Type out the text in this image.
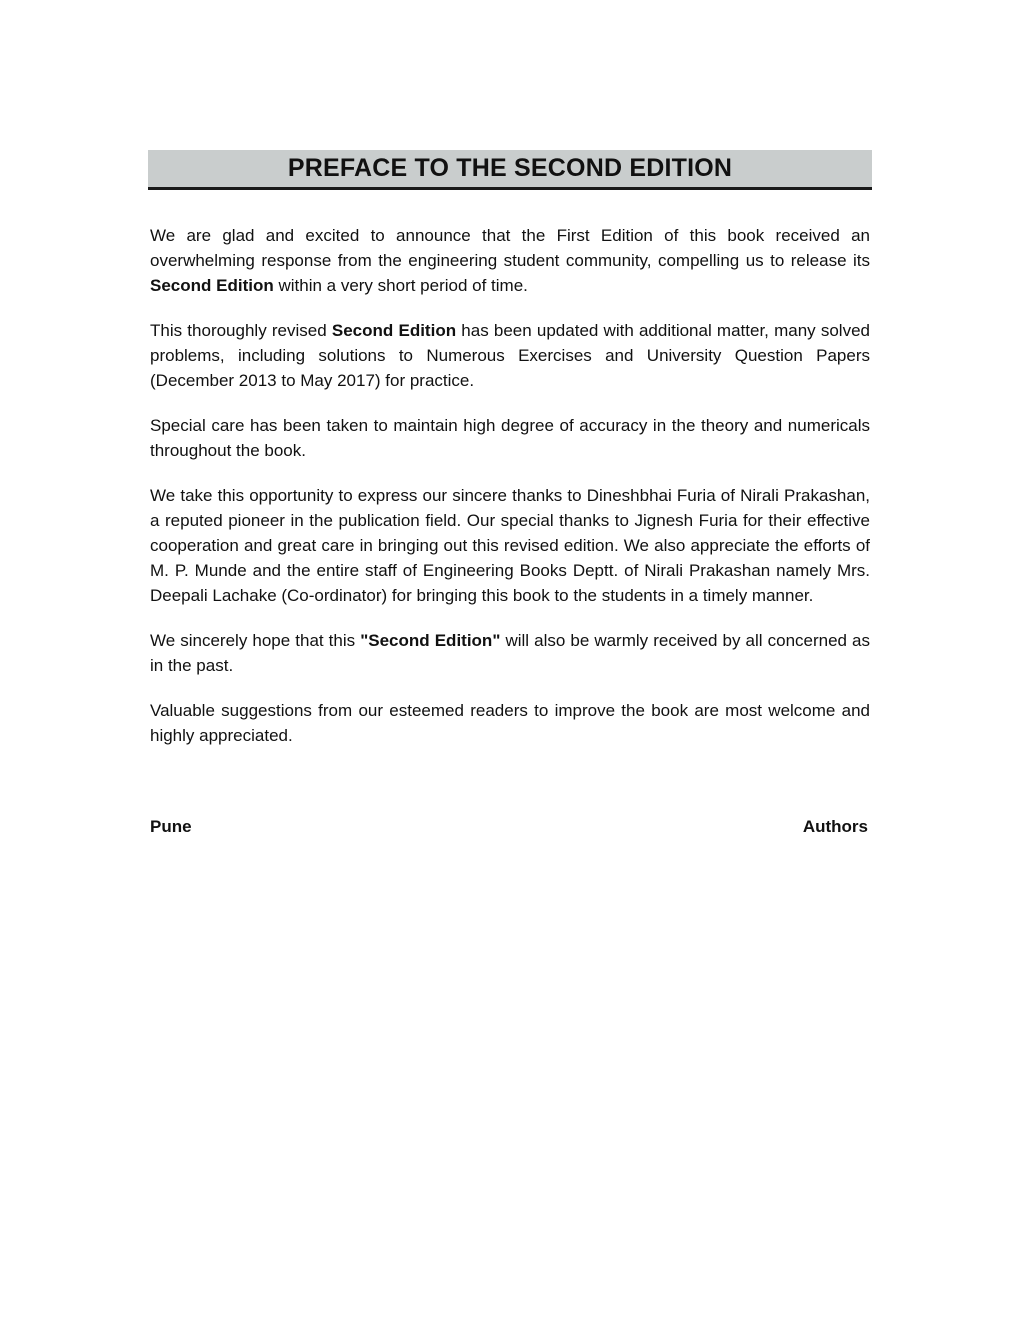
PREFACE TO THE SECOND EDITION

We are glad and excited to announce that the First Edition of this book received an overwhelming response from the engineering student community, compelling us to release its Second Edition within a very short period of time.

This thoroughly revised Second Edition has been updated with additional matter, many solved problems, including solutions to Numerous Exercises and University Question Papers (December 2013 to May 2017) for practice.

Special care has been taken to maintain high degree of accuracy in the theory and numericals throughout the book.

We take this opportunity to express our sincere thanks to Dineshbhai Furia of Nirali Prakashan, a reputed pioneer in the publication field. Our special thanks to Jignesh Furia for their effective cooperation and great care in bringing out this revised edition. We also appreciate the efforts of M. P. Munde and the entire staff of Engineering Books Deptt. of Nirali Prakashan namely Mrs. Deepali Lachake (Co-ordinator) for bringing this book to the students in a timely manner.

We sincerely hope that this "Second Edition" will also be warmly received by all concerned as in the past.

Valuable suggestions from our esteemed readers to improve the book are most welcome and highly appreciated.

Pune	Authors
